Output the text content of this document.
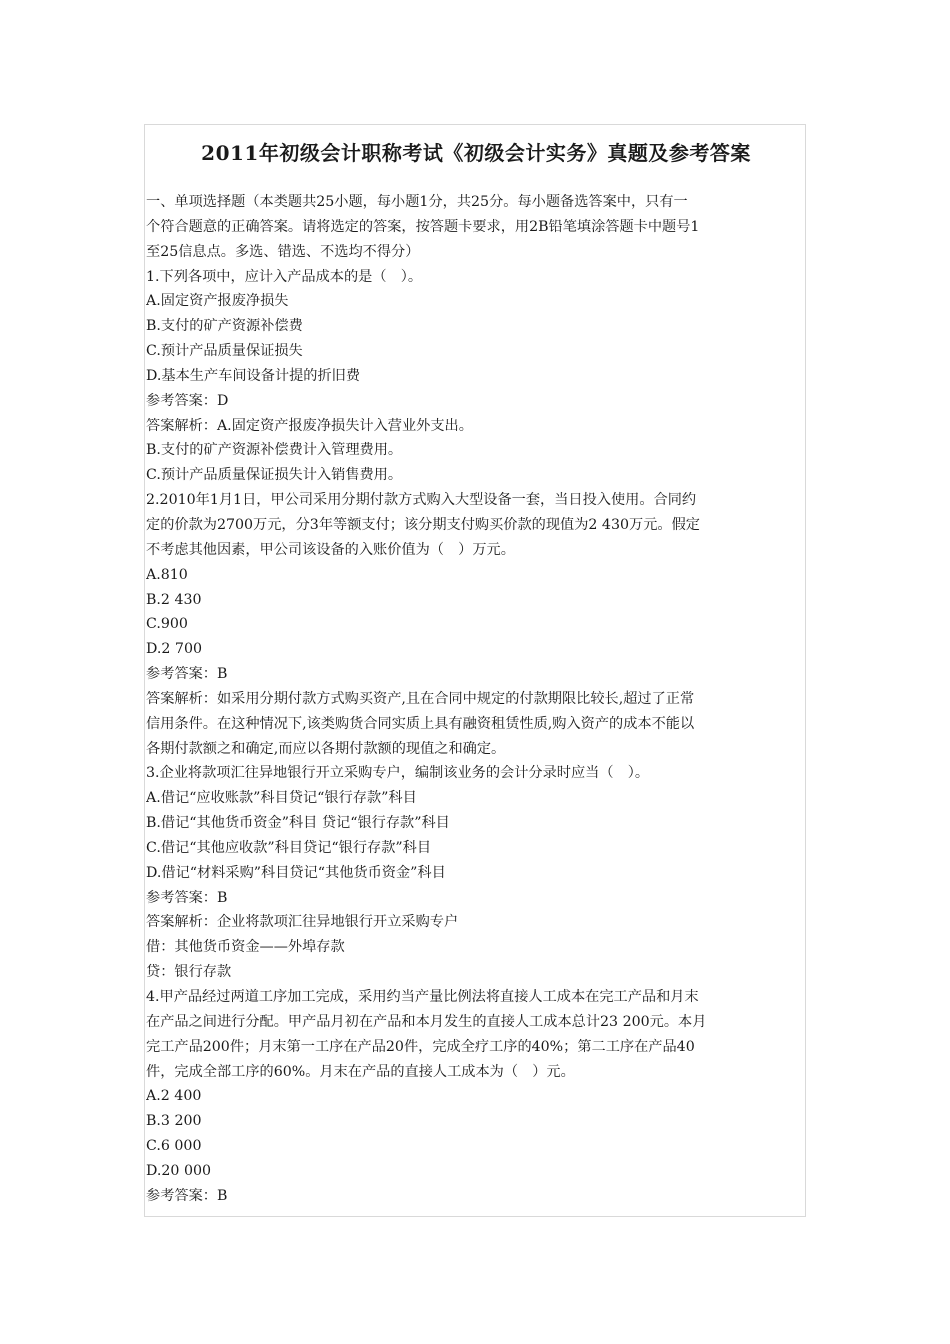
2011年初级会计职称考试《初级会计实务》真题及参考答案

一、单项选择题（本类题共25小题，每小题1分，共25分。每小题备选答案中，只有一

个符合题意的正确答案。请将选定的答案，按答题卡要求，用2B铅笔填涂答题卡中题号1

至25信息点。多选、错选、不选均不得分）

1.下列各项中，应计入产品成本的是（　）。

A.固定资产报废净损失

B.支付的矿产资源补偿费

C.预计产品质量保证损失

D.基本生产车间设备计提的折旧费

参考答案：D

答案解析：A.固定资产报废净损失计入营业外支出。

B.支付的矿产资源补偿费计入管理费用。

C.预计产品质量保证损失计入销售费用。

2.2010年1月1日，甲公司采用分期付款方式购入大型设备一套，当日投入使用。合同约

定的价款为2700万元，分3年等额支付；该分期支付购买价款的现值为2 430万元。假定

不考虑其他因素，甲公司该设备的入账价值为（　）万元。

A.810

B.2 430

C.900

D.2 700

参考答案：B

答案解析：如采用分期付款方式购买资产,且在合同中规定的付款期限比较长,超过了正常

信用条件。在这种情况下,该类购货合同实质上具有融资租赁性质,购入资产的成本不能以

各期付款额之和确定,而应以各期付款额的现值之和确定。

3.企业将款项汇往异地银行开立采购专户，编制该业务的会计分录时应当（　）。

A.借记“应收账款”科目贷记“银行存款”科目

B.借记“其他货币资金”科目 贷记“银行存款”科目

C.借记“其他应收款”科目贷记“银行存款”科目

D.借记“材料采购”科目贷记“其他货币资金”科目

参考答案：B

答案解析：企业将款项汇往异地银行开立采购专户

借：其他货币资金——外埠存款

贷：银行存款

4.甲产品经过两道工序加工完成，采用约当产量比例法将直接人工成本在完工产品和月末

在产品之间进行分配。甲产品月初在产品和本月发生的直接人工成本总计23 200元。本月

完工产品200件；月末第一工序在产品20件，完成全疗工序的40%；第二工序在产品40

件，完成全部工序的60%。月末在产品的直接人工成本为（　）元。

A.2 400

B.3 200

C.6 000

D.20 000

参考答案：B
